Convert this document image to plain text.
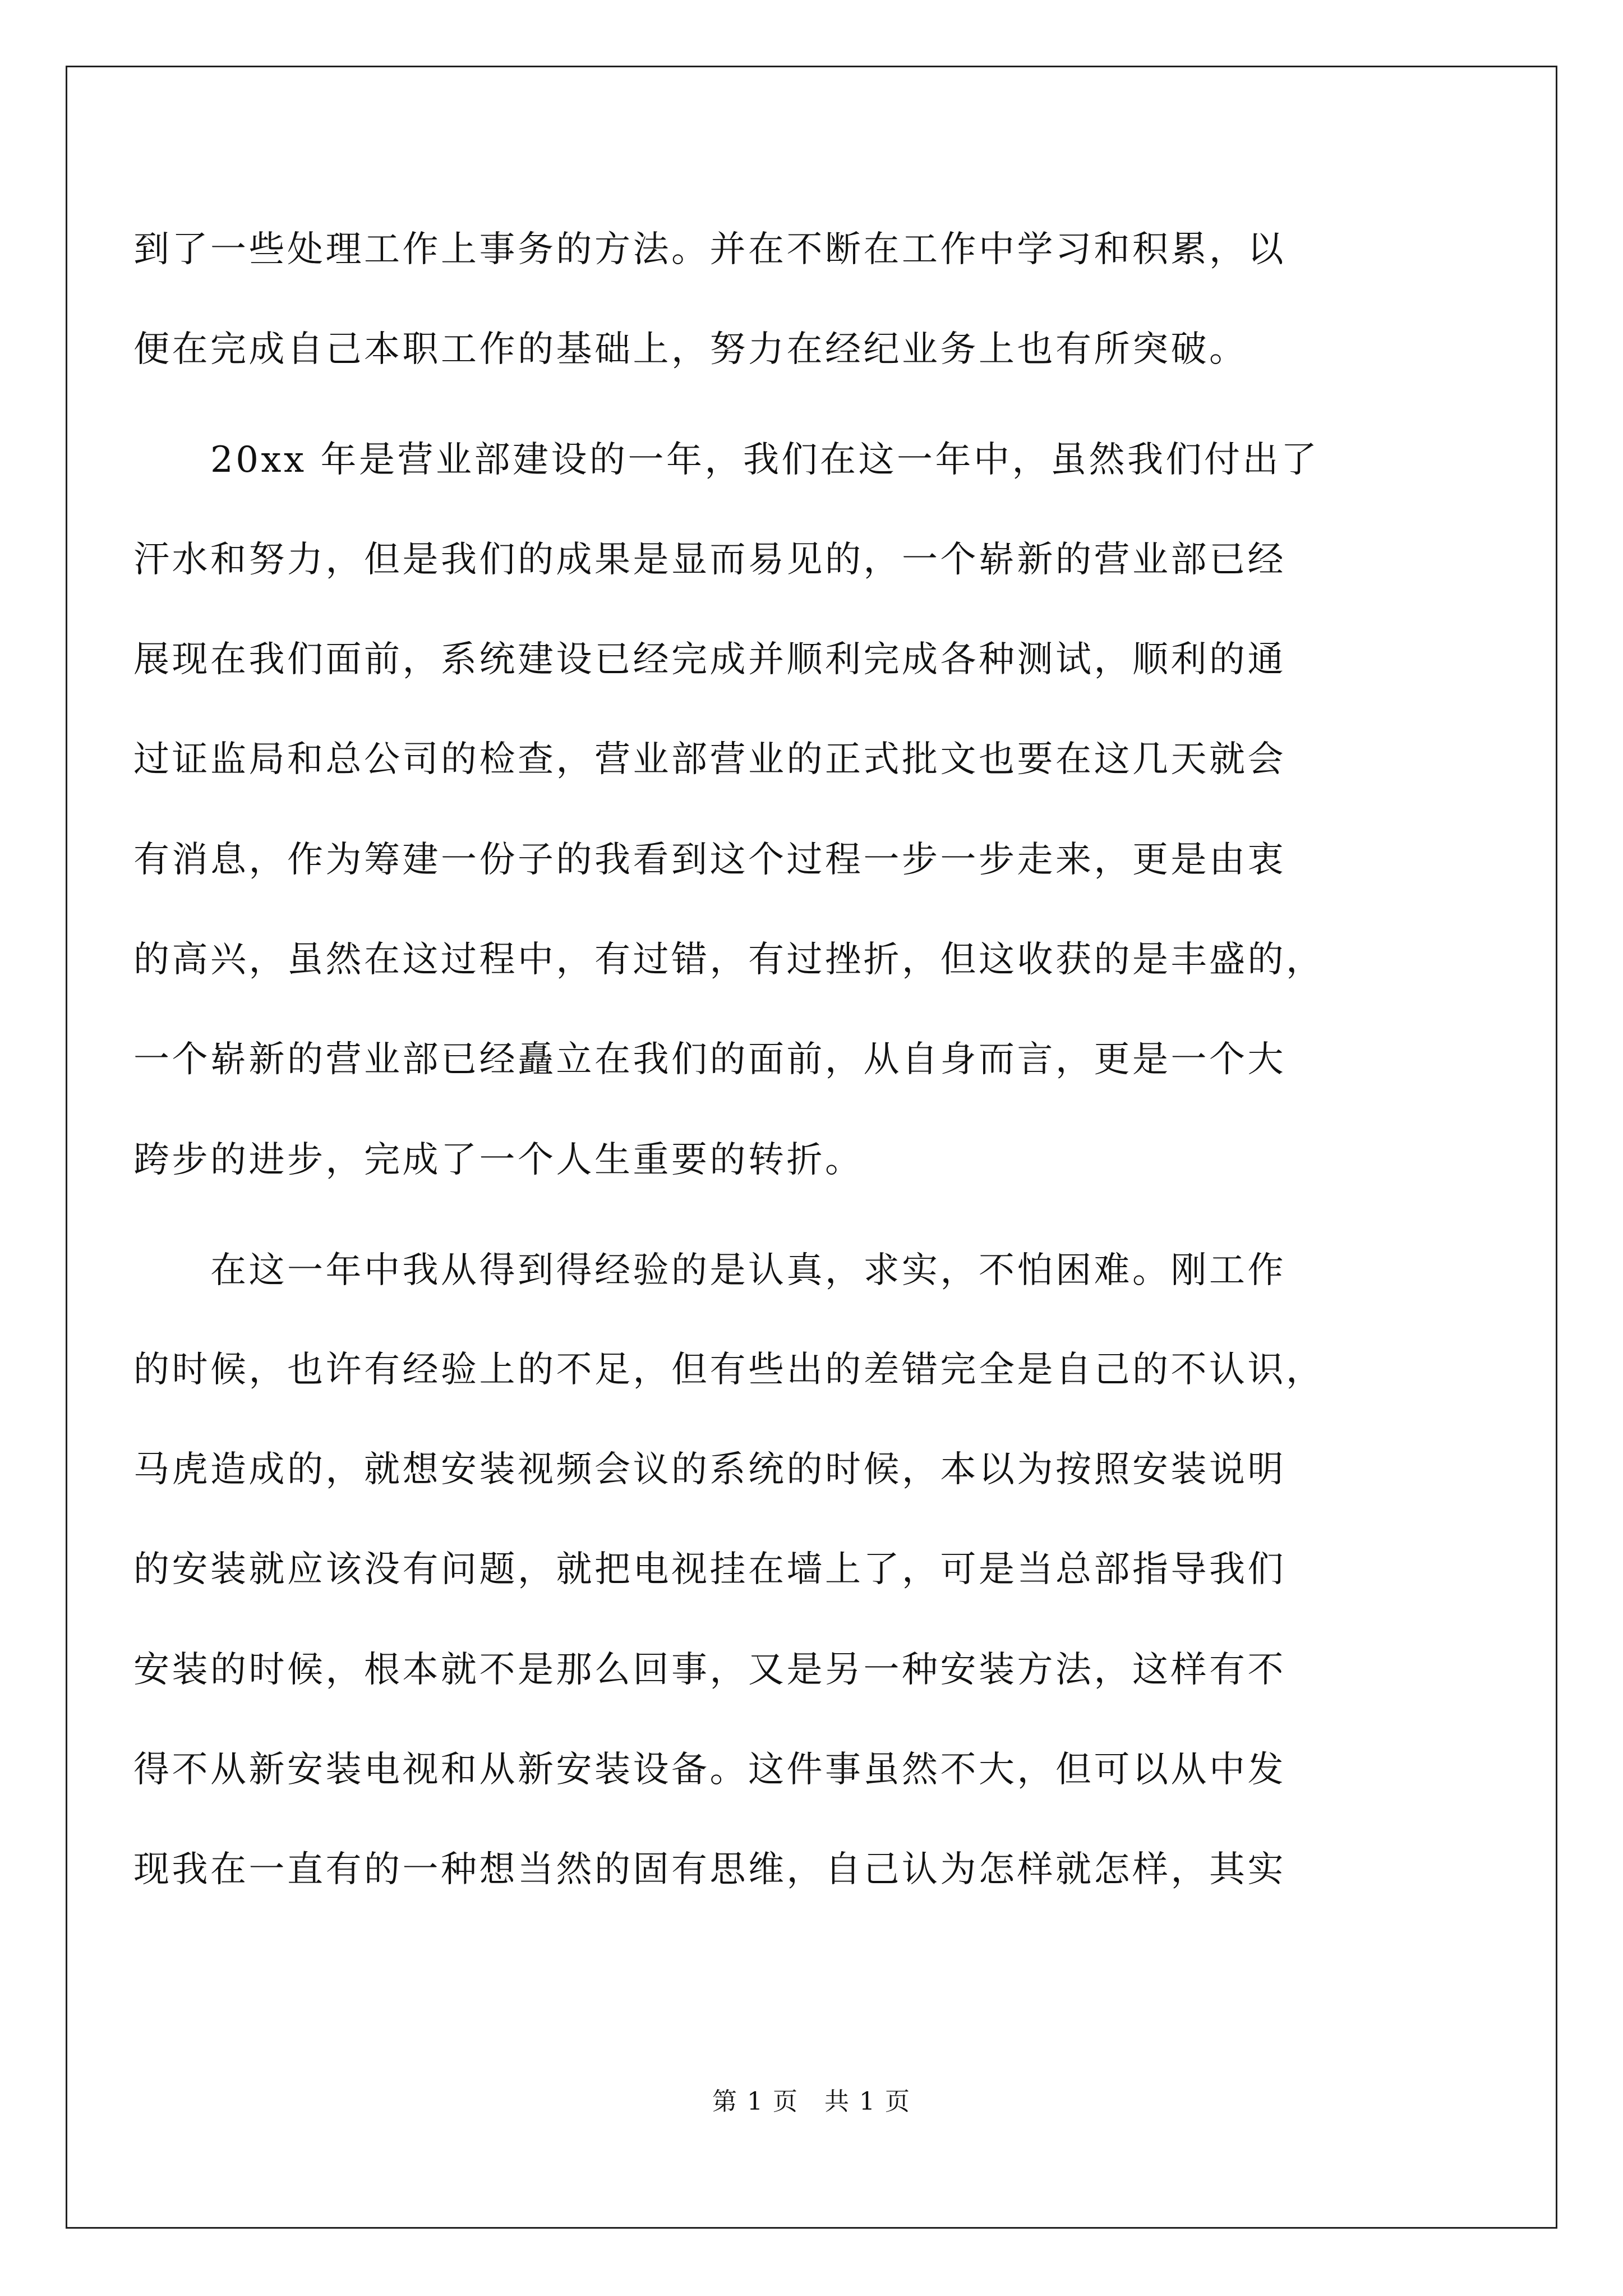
到了一些处理工作上事务的方法。并在不断在工作中学习和积累，以
便在完成自己本职工作的基础上，努力在经纪业务上也有所突破。
　　20xx 年是营业部建设的一年，我们在这一年中，虽然我们付出了
汗水和努力，但是我们的成果是显而易见的，一个崭新的营业部已经
展现在我们面前，系统建设已经完成并顺利完成各种测试，顺利的通
过证监局和总公司的检查，营业部营业的正式批文也要在这几天就会
有消息，作为筹建一份子的我看到这个过程一步一步走来，更是由衷
的高兴，虽然在这过程中，有过错，有过挫折，但这收获的是丰盛的，
一个崭新的营业部已经矗立在我们的面前，从自身而言，更是一个大
跨步的进步，完成了一个人生重要的转折。
　　在这一年中我从得到得经验的是认真，求实，不怕困难。刚工作
的时候，也许有经验上的不足，但有些出的差错完全是自己的不认识，
马虎造成的，就想安装视频会议的系统的时候，本以为按照安装说明
的安装就应该没有问题，就把电视挂在墙上了，可是当总部指导我们
安装的时候，根本就不是那么回事，又是另一种安装方法，这样有不
得不从新安装电视和从新安装设备。这件事虽然不大，但可以从中发
现我在一直有的一种想当然的固有思维，自己认为怎样就怎样，其实
第 1 页　共 1 页
